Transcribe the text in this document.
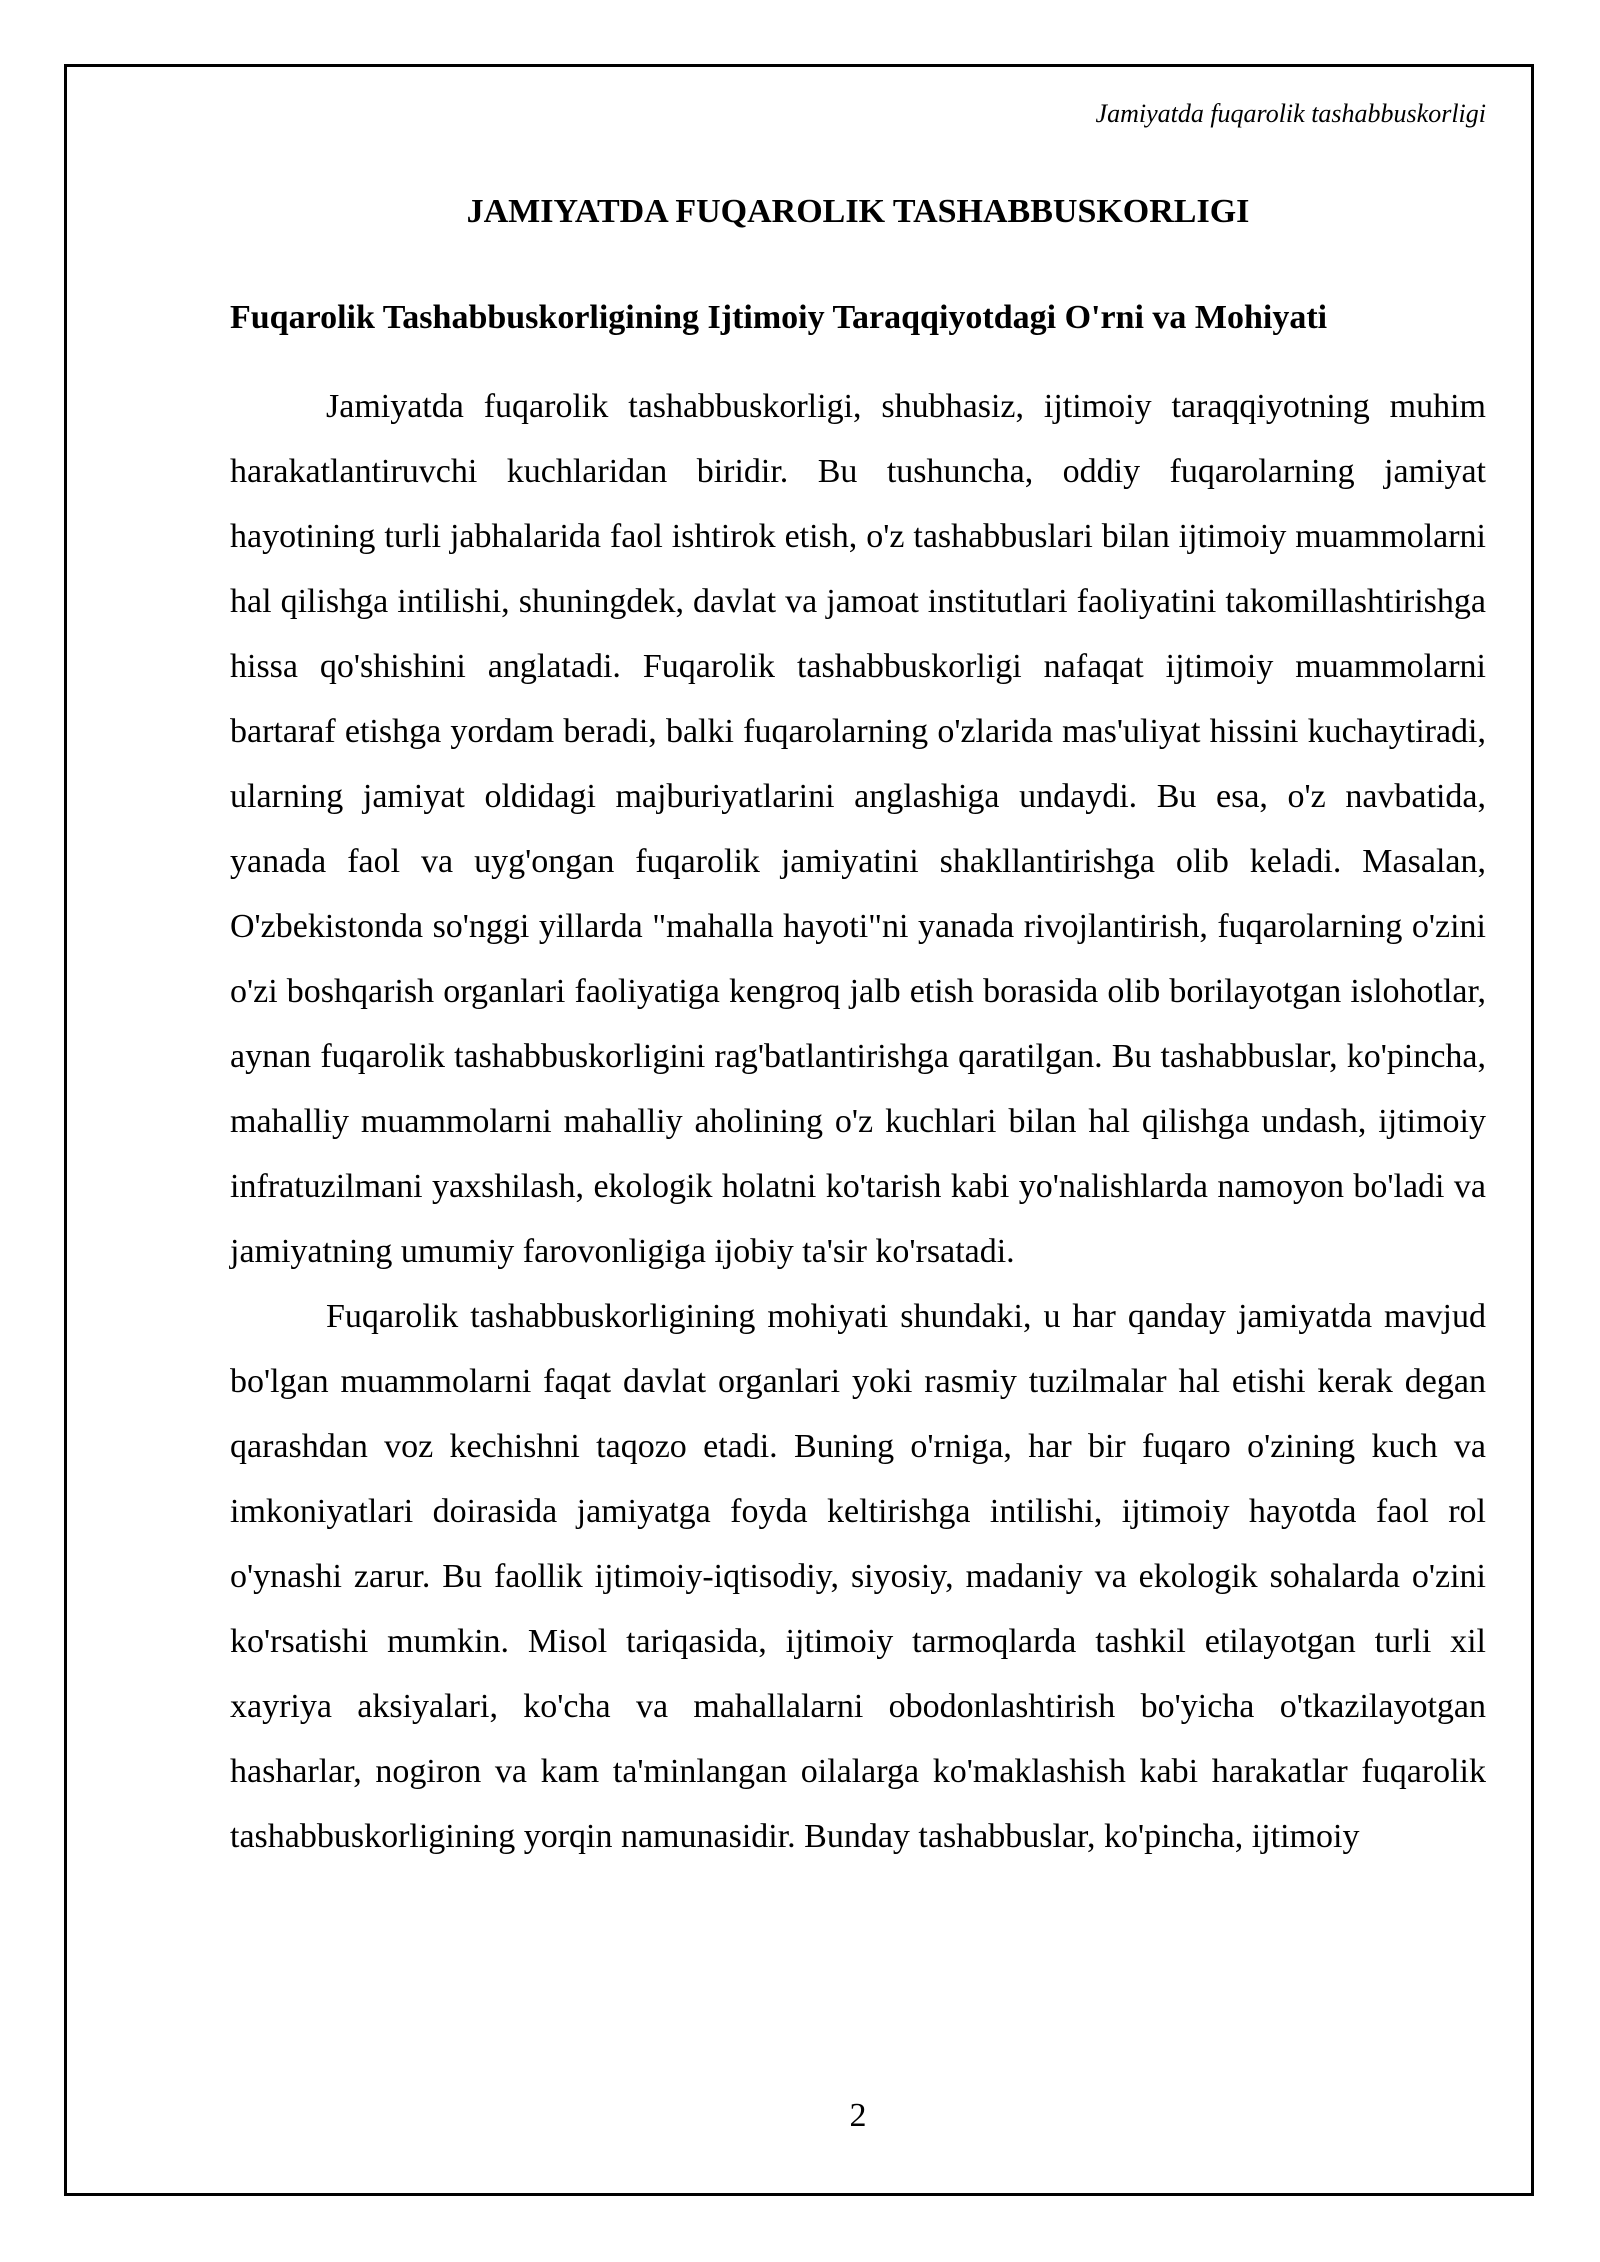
Jamiyatda fuqarolik tashabbuskorligi
JAMIYATDA FUQAROLIK TASHABBUSKORLIGI
Fuqarolik Tashabbuskorligining Ijtimoiy Taraqqiyotdagi O'rni va Mohiyati

Jamiyatda fuqarolik tashabbuskorligi, shubhasiz, ijtimoiy taraqqiyotning muhim harakatlantiruvchi kuchlaridan biridir. Bu tushuncha, oddiy fuqarolarning jamiyat hayotining turli jabhalarida faol ishtirok etish, o'z tashabbuslari bilan ijtimoiy muammolarni hal qilishga intilishi, shuningdek, davlat va jamoat institutlari faoliyatini takomillashtirishga hissa qo'shishini anglatadi. Fuqarolik tashabbuskorligi nafaqat ijtimoiy muammolarni bartaraf etishga yordam beradi, balki fuqarolarning o'zlarida mas'uliyat hissini kuchaytiradi, ularning jamiyat oldidagi majburiyatlarini anglashiga undaydi. Bu esa, o'z navbatida, yanada faol va uyg'ongan fuqarolik jamiyatini shakllantirishga olib keladi. Masalan, O'zbekistonda so'nggi yillarda "mahalla hayoti"ni yanada rivojlantirish, fuqarolarning o'zini o'zi boshqarish organlari faoliyatiga kengroq jalb etish borasida olib borilayotgan islohotlar, aynan fuqarolik tashabbuskorligini rag'batlantirishga qaratilgan. Bu tashabbuslar, ko'pincha, mahalliy muammolarni mahalliy aholining o'z kuchlari bilan hal qilishga undash, ijtimoiy infratuzilmani yaxshilash, ekologik holatni ko'tarish kabi yo'nalishlarda namoyon bo'ladi va jamiyatning umumiy farovonligiga ijobiy ta'sir ko'rsatadi.

Fuqarolik tashabbuskorligining mohiyati shundaki, u har qanday jamiyatda mavjud bo'lgan muammolarni faqat davlat organlari yoki rasmiy tuzilmalar hal etishi kerak degan qarashdan voz kechishni taqozo etadi. Buning o'rniga, har bir fuqaro o'zining kuch va imkoniyatlari doirasida jamiyatga foyda keltirishga intilishi, ijtimoiy hayotda faol rol o'ynashi zarur. Bu faollik ijtimoiy-iqtisodiy, siyosiy, madaniy va ekologik sohalarda o'zini ko'rsatishi mumkin. Misol tariqasida, ijtimoiy tarmoqlarda tashkil etilayotgan turli xil xayriya aksiyalari, ko'cha va mahallalarni obodonlashtirish bo'yicha o'tkazilayotgan hasharlar, nogiron va kam ta'minlangan oilalarga ko'maklashish kabi harakatlar fuqarolik tashabbuskorligining yorqin namunasidir. Bunday tashabbuslar, ko'pincha, ijtimoiy

2
